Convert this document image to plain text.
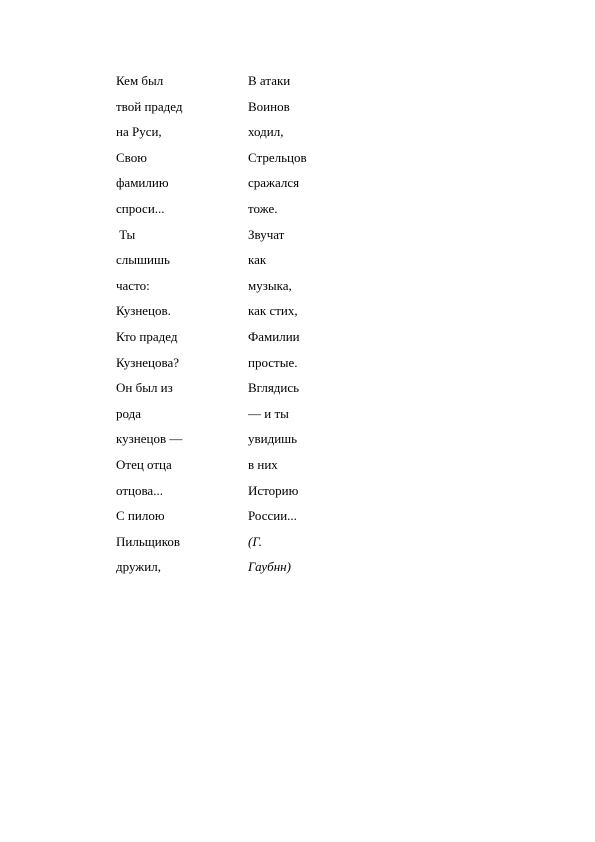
Кем был
твой прадед
на Руси,
Свою
фамилию
спроси...
Ты
слышишь
часто:
Кузнецов.
Кто прадед
Кузнецова?
Он был из
рода
кузнецов —
Отец отца
отцова...
С пилою
Пильщиков
дружил,
В атаки
Воинов
ходил,
Стрельцов
сражался
тоже.
Звучат
как
музыка,
как стих,
Фамилии
простые.
Вглядись
— и ты
увидишь
в них
Историю
России...
(Г.
Гаубнн)
